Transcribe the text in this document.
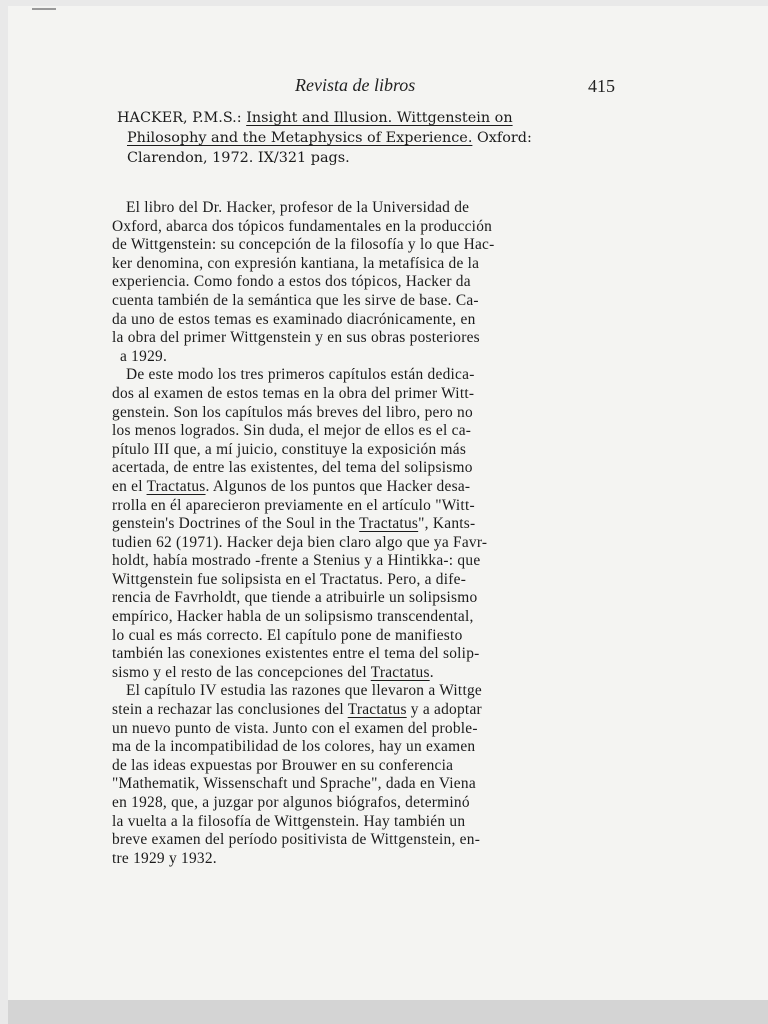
Revista de libros	415
HACKER, P.M.S.: Insight and Illusion. Wittgenstein on
Philosophy and the Metaphysics of Experience. Oxford:
Clarendon, 1972. IX/321 pags.
El libro del Dr. Hacker, profesor de la Universidad de
Oxford, abarca dos tópicos fundamentales en la producción
de Wittgenstein: su concepción de la filosofía y lo que Hac-
ker denomina, con expresión kantiana, la metafísica de la
experiencia. Como fondo a estos dos tópicos, Hacker da
cuenta también de la semántica que les sirve de base. Ca-
da uno de estos temas es examinado diacrónicamente, en
la obra del primer Wittgenstein y en sus obras posteriores
a 1929.
De este modo los tres primeros capítulos están dedica-
dos al examen de estos temas en la obra del primer Witt-
genstein. Son los capítulos más breves del libro, pero no
los menos logrados. Sin duda, el mejor de ellos es el ca-
pítulo III que, a mí juicio, constituye la exposición más
acertada, de entre las existentes, del tema del solipsismo
en el Tractatus. Algunos de los puntos que Hacker desa-
rrolla en él aparecieron previamente en el artículo "Witt-
genstein's Doctrines of the Soul in the Tractatus", Kants-
tudien 62 (1971). Hacker deja bien claro algo que ya Favr-
holdt, había mostrado -frente a Stenius y a Hintikka-: que
Wittgenstein fue solipsista en el Tractatus. Pero, a dife-
rencia de Favrholdt, que tiende a atribuirle un solipsismo
empírico, Hacker habla de un solipsismo transcendental,
lo cual es más correcto. El capítulo pone de manifiesto
también las conexiones existentes entre el tema del solip-
sismo y el resto de las concepciones del Tractatus.
El capítulo IV estudia las razones que llevaron a Wittge
stein a rechazar las conclusiones del Tractatus y a adoptar
un nuevo punto de vista. Junto con el examen del proble-
ma de la incompatibilidad de los colores, hay un examen
de las ideas expuestas por Brouwer en su conferencia
"Mathematik, Wissenschaft und Sprache", dada en Viena
en 1928, que, a juzgar por algunos biógrafos, determinó
la vuelta a la filosofía de Wittgenstein. Hay también un
breve examen del período positivista de Wittgenstein, en-
tre 1929 y 1932.
